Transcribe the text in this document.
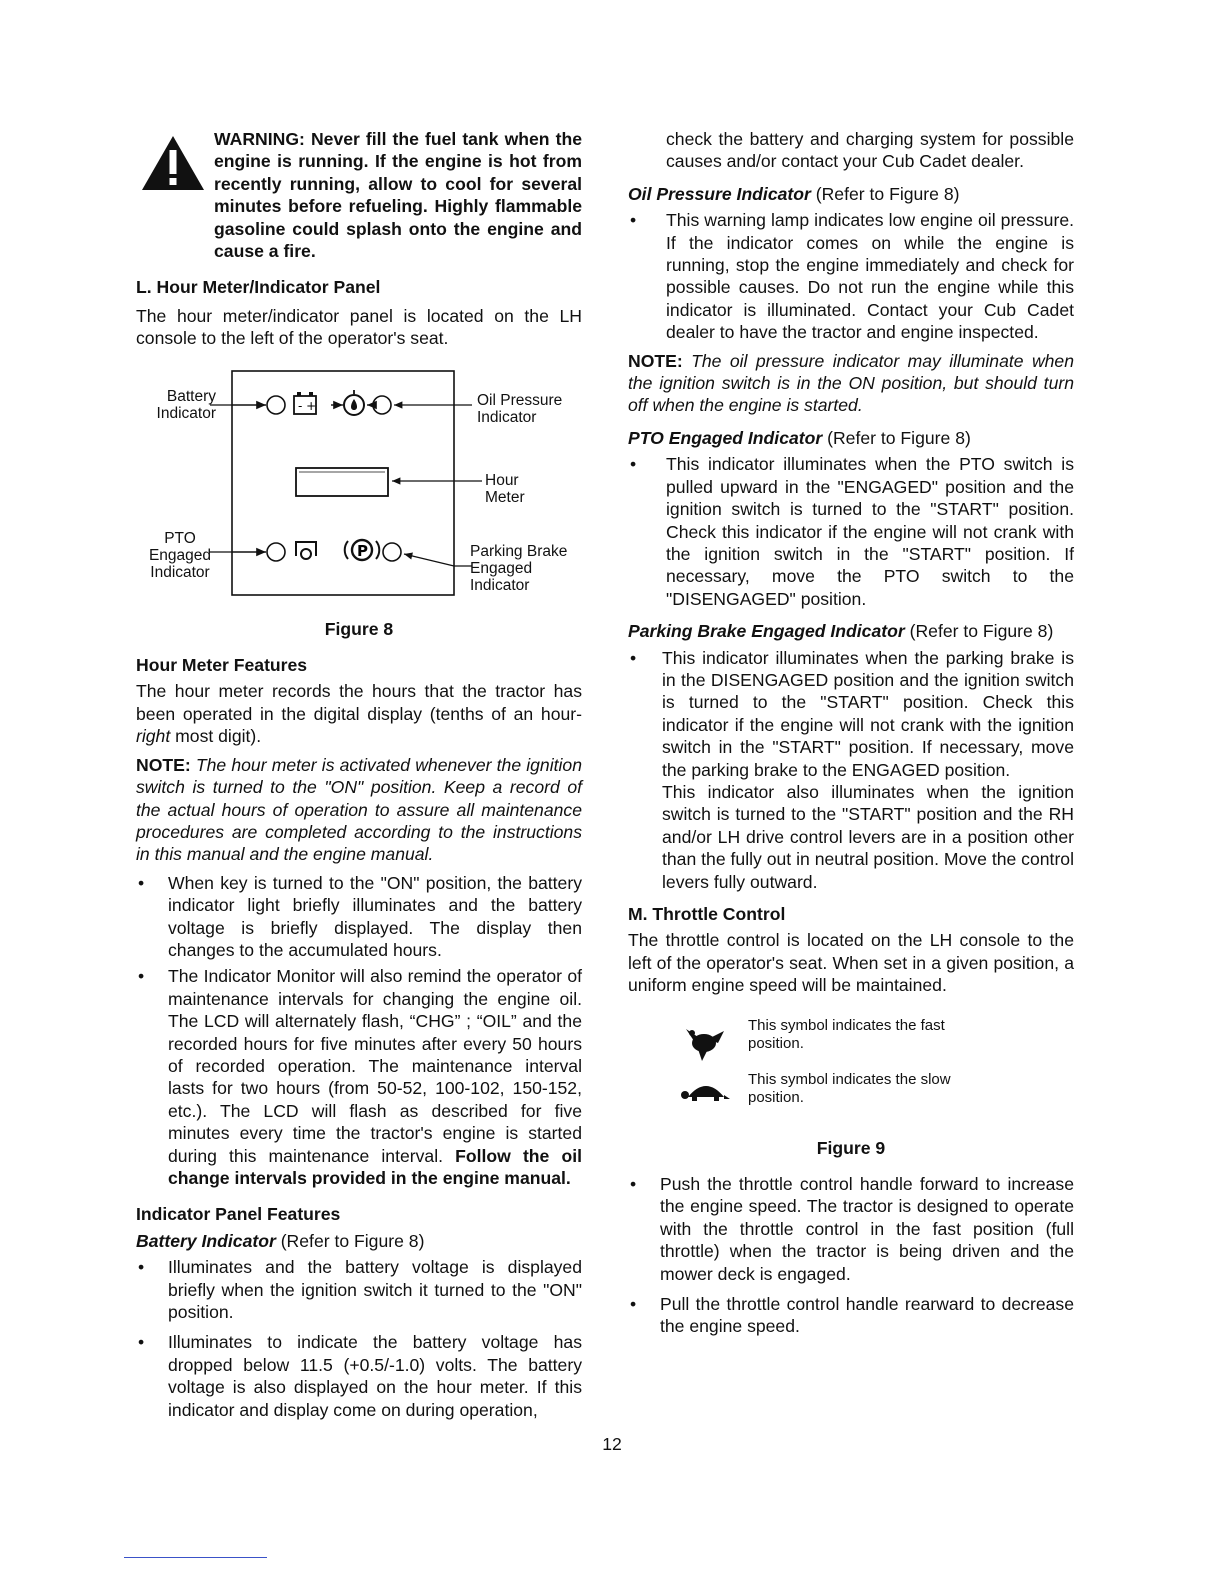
WARNING: Never fill the fuel tank when the engine is running. If the engine is hot from recently running, allow to cool for several minutes before refueling. Highly flammable gasoline could splash onto the engine and cause a fire.

L. Hour Meter/Indicator Panel

The hour meter/indicator panel is located on the LH console to the left of the operator's seat.

- +
P
Battery Indicator
Oil Pressure Indicator
Hour Meter
PTO Engaged Indicator
Parking Brake Engaged Indicator

Figure 8

Hour Meter Features

The hour meter records the hours that the tractor has been operated in the digital display (tenths of an hour-right most digit).

NOTE: The hour meter is activated whenever the ignition switch is turned to the "ON" position. Keep a record of the actual hours of operation to assure all maintenance procedures are completed according to the instructions in this manual and the engine manual.

• When key is turned to the "ON" position, the battery indicator light briefly illuminates and the battery voltage is briefly displayed. The display then changes to the accumulated hours.
• The Indicator Monitor will also remind the operator of maintenance intervals for changing the engine oil. The LCD will alternately flash, “CHG” ; “OIL” and the recorded hours for five minutes after every 50 hours of recorded operation. The maintenance interval lasts for two hours (from 50-52, 100-102, 150-152, etc.). The LCD will flash as described for five minutes every time the tractor's engine is started during this maintenance interval. Follow the oil change intervals provided in the engine manual.

Indicator Panel Features

Battery Indicator (Refer to Figure 8)

• Illuminates and the battery voltage is displayed briefly when the ignition switch it turned to the "ON" position.
• Illuminates to indicate the battery voltage has dropped below 11.5 (+0.5/-1.0) volts. The battery voltage is also displayed on the hour meter. If this indicator and display come on during operation,

check the battery and charging system for possible causes and/or contact your Cub Cadet dealer.

Oil Pressure Indicator (Refer to Figure 8)

• This warning lamp indicates low engine oil pressure. If the indicator comes on while the engine is running, stop the engine immediately and check for possible causes. Do not run the engine while this indicator is illuminated. Contact your Cub Cadet dealer to have the tractor and engine inspected.

NOTE: The oil pressure indicator may illuminate when the ignition switch is in the ON position, but should turn off when the engine is started.

PTO Engaged Indicator (Refer to Figure 8)

• This indicator illuminates when the PTO switch is pulled upward in the "ENGAGED" position and the ignition switch is turned to the "START" position. Check this indicator if the engine will not crank with the ignition switch in the "START" position. If necessary, move the PTO switch to the "DISENGAGED" position.

Parking Brake Engaged Indicator (Refer to Figure 8)

• This indicator illuminates when the parking brake is in the DISENGAGED position and the ignition switch is turned to the "START" position. Check this indicator if the engine will not crank with the ignition switch in the "START" position. If necessary, move the parking brake to the ENGAGED position.
This indicator also illuminates when the ignition switch is turned to the "START" position and the RH and/or LH drive control levers are in a position other than the fully out in neutral position. Move the control levers fully outward.

M. Throttle Control

The throttle control is located on the LH console to the left of the operator's seat. When set in a given position, a uniform engine speed will be maintained.

This symbol indicates the fast position.
This symbol indicates the slow position.

Figure 9

• Push the throttle control handle forward to increase the engine speed. The tractor is designed to operate with the throttle control in the fast position (full throttle) when the tractor is being driven and the mower deck is engaged.
• Pull the throttle control handle rearward to decrease the engine speed.
12
